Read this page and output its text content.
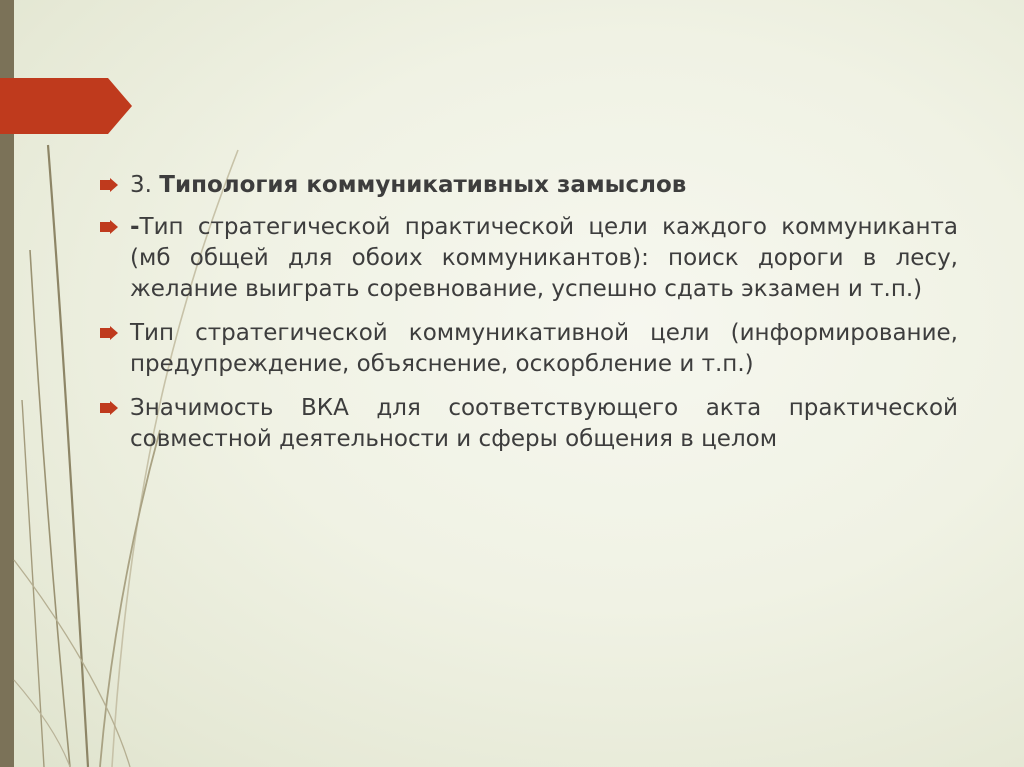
3. Типология коммуникативных замыслов
-Тип стратегической практической цели каждого коммуниканта (мб общей для обоих коммуникантов): поиск дороги в лесу, желание выиграть соревнование, успешно сдать экзамен и т.п.)
Тип стратегической коммуникативной цели (информирование, предупреждение, объяснение, оскорбление и т.п.)
Значимость ВКА для соответствующего акта практической совместной деятельности и сферы общения в целом
